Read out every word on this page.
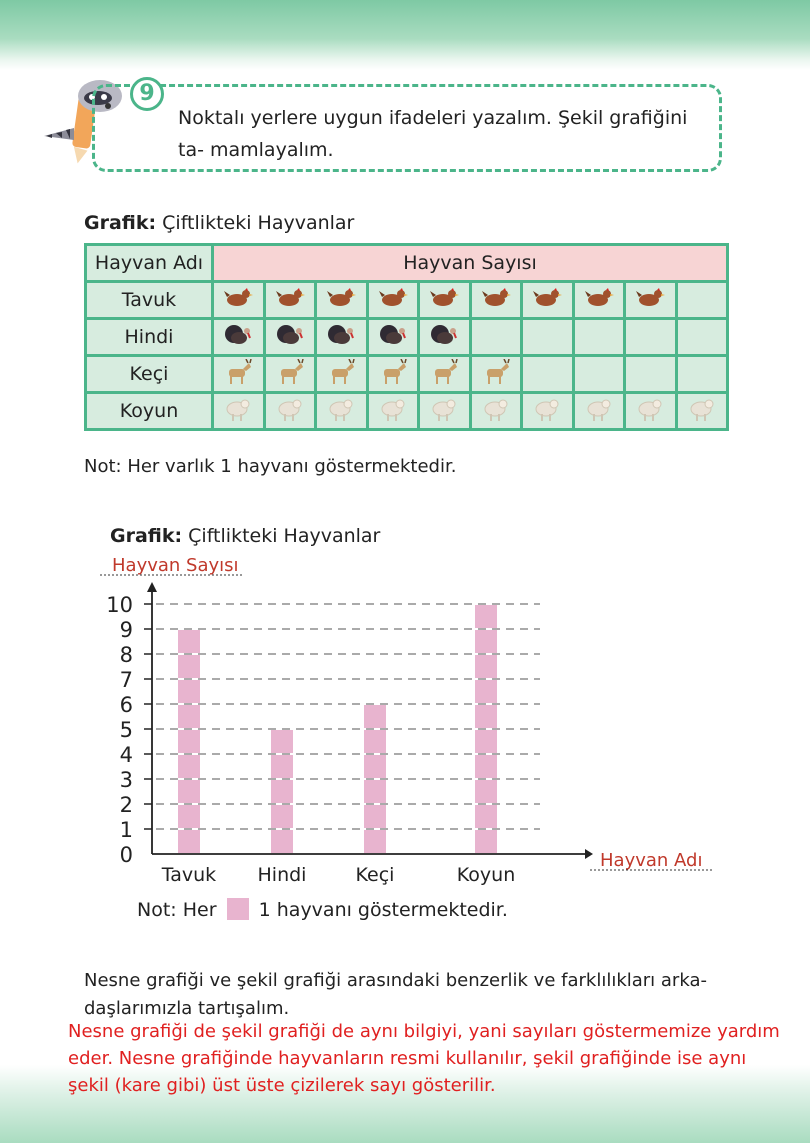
9
Noktalı yerlere uygun ifadeleri yazalım. Şekil grafiğini ta- mamlayalım.
Grafik: Çiftlikteki Hayvanlar
Hayvan Adı	Hayvan Sayısı									
Tavuk										
Hindi										
Keçi										
Koyun										
Not: Her varlık 1 hayvanı göstermektedir.
Grafik: Çiftlikteki Hayvanlar
Hayvan Sayısı
0
1
2
3
4
5
6
7
8
9
10
Hayvan Adı
Tavuk Hindi	Keçi	Koyun
Not: Her 1 hayvanı göstermektedir.
Nesne grafiği ve şekil grafiği arasındaki benzerlik ve farklılıkları arka- daşlarımızla tartışalım.
Nesne grafiği de şekil grafiği de aynı bilgiyi, yani sayıları göstermemize yardım eder. Nesne grafiğinde hayvanların resmi kullanılır, şekil grafiğinde ise aynı şekil (kare gibi) üst üste çizilerek sayı gösterilir.
